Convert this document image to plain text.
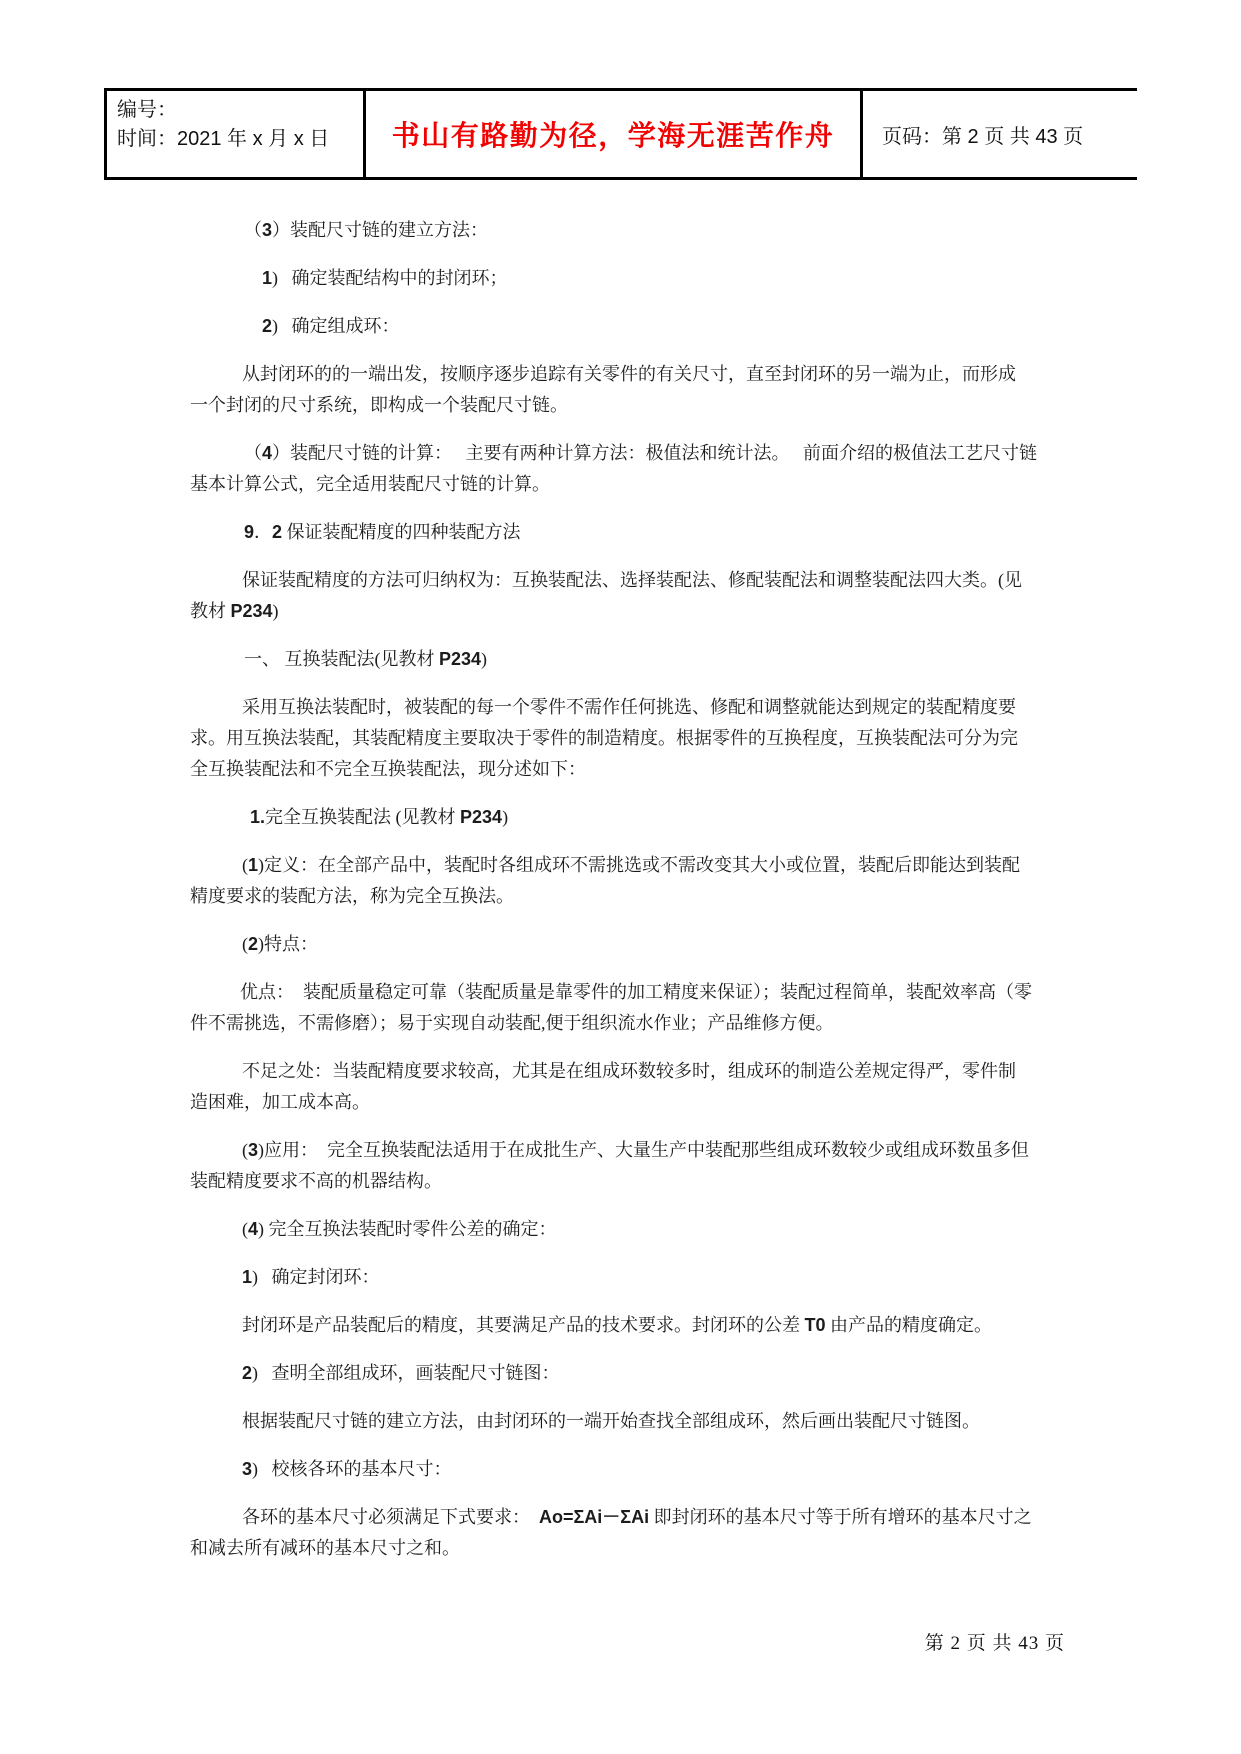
编号：
时间：2021 年 x 月 x 日	书山有路勤为径，学海无涯苦作舟 页码：第 2 页 共 43 页
（3）装配尺寸链的建立方法：
1)   确定装配结构中的封闭环；
2)   确定组成环：
从封闭环的的一端出发，按顺序逐步追踪有关零件的有关尺寸，直至封闭环的另一端为止，而形成
一个封闭的尺寸系统，即构成一个装配尺寸链。
（4）装配尺寸链的计算：   主要有两种计算方法：极值法和统计法。   前面介绍的极值法工艺尺寸链
基本计算公式，完全适用装配尺寸链的计算。
9．2 保证装配精度的四种装配方法
保证装配精度的方法可归纳权为：互换装配法、选择装配法、修配装配法和调整装配法四大类。(见
教材 P234)
一、 互换装配法(见教材 P234)
采用互换法装配时，被装配的每一个零件不需作任何挑选、修配和调整就能达到规定的装配精度要
求。用互换法装配，其装配精度主要取决于零件的制造精度。根据零件的互换程度，互换装配法可分为完
全互换装配法和不完全互换装配法，现分述如下：
1.完全互换装配法 (见教材 P234)
(1)定义：在全部产品中，装配时各组成环不需挑选或不需改变其大小或位置，装配后即能达到装配
精度要求的装配方法，称为完全互换法。
(2)特点：
优点：  装配质量稳定可靠（装配质量是靠零件的加工精度来保证）；装配过程简单，装配效率高（零
件不需挑选，不需修磨）；易于实现自动装配,便于组织流水作业；产品维修方便。
不足之处：当装配精度要求较高，尤其是在组成环数较多时，组成环的制造公差规定得严，零件制
造困难，加工成本高。
(3)应用：  完全互换装配法适用于在成批生产、大量生产中装配那些组成环数较少或组成环数虽多但
装配精度要求不高的机器结构。
(4) 完全互换法装配时零件公差的确定：
1)   确定封闭环：
封闭环是产品装配后的精度，其要满足产品的技术要求。封闭环的公差 T0 由产品的精度确定。
2)   查明全部组成环，画装配尺寸链图：
根据装配尺寸链的建立方法，由封闭环的一端开始查找全部组成环，然后画出装配尺寸链图。
3)   校核各环的基本尺寸：
各环的基本尺寸必须满足下式要求：  Ao=ΣAi－ΣAi 即封闭环的基本尺寸等于所有增环的基本尺寸之
和减去所有减环的基本尺寸之和。
第 2 页 共 43 页
